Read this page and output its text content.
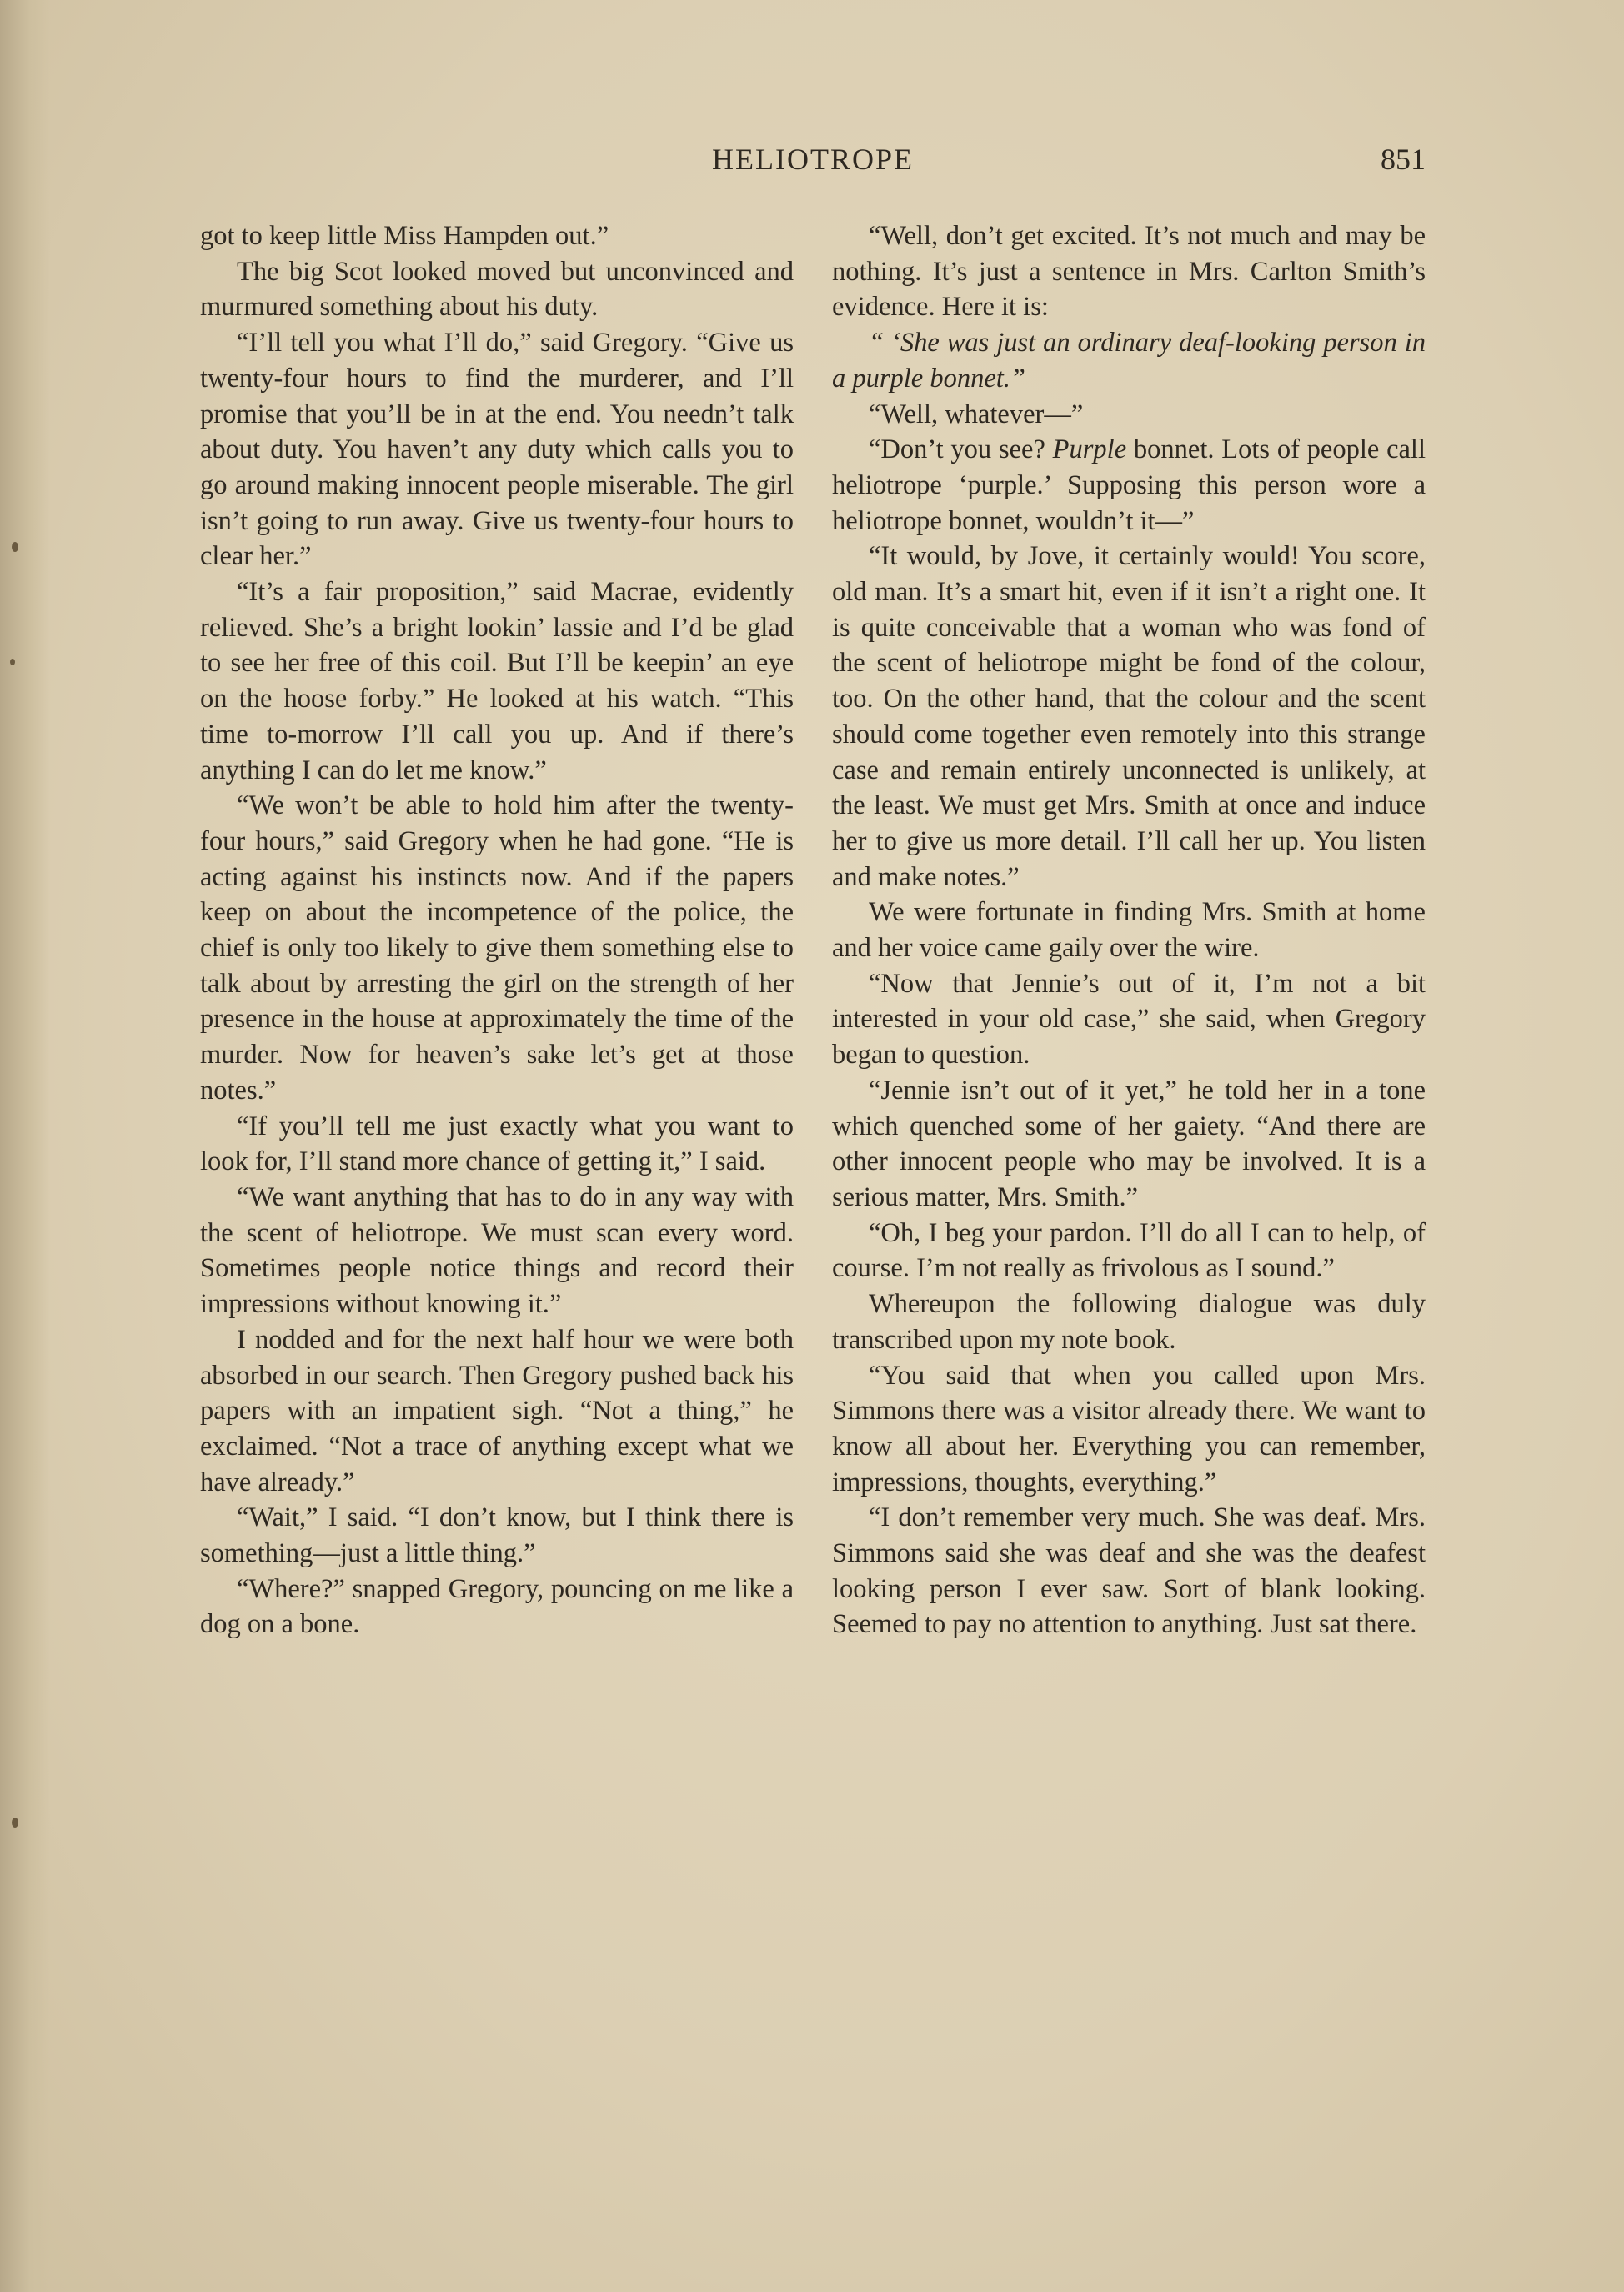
HELIOTROPE	851

got to keep little Miss Hampden out.”

The big Scot looked moved but unconvinced and murmured something about his duty.

“I’ll tell you what I’ll do,” said Gregory. “Give us twenty-four hours to find the murderer, and I’ll promise that you’ll be in at the end. You needn’t talk about duty. You haven’t any duty which calls you to go around making innocent people miserable. The girl isn’t going to run away. Give us twenty-four hours to clear her.”

“It’s a fair proposition,” said Macrae, evidently relieved. She’s a bright lookin’ lassie and I’d be glad to see her free of this coil. But I’ll be keepin’ an eye on the hoose forby.” He looked at his watch. “This time to-morrow I’ll call you up. And if there’s anything I can do let me know.”

“We won’t be able to hold him after the twenty-four hours,” said Gregory when he had gone. “He is acting against his instincts now. And if the papers keep on about the incompetence of the police, the chief is only too likely to give them something else to talk about by arresting the girl on the strength of her presence in the house at approximately the time of the murder. Now for heaven’s sake let’s get at those notes.”

“If you’ll tell me just exactly what you want to look for, I’ll stand more chance of getting it,” I said.

“We want anything that has to do in any way with the scent of heliotrope. We must scan every word. Sometimes people notice things and record their impressions without knowing it.”

I nodded and for the next half hour we were both absorbed in our search. Then Gregory pushed back his papers with an impatient sigh. “Not a thing,” he exclaimed. “Not a trace of anything except what we have already.”

“Wait,” I said. “I don’t know, but I think there is something—just a little thing.”

“Where?” snapped Gregory, pouncing on me like a dog on a bone.

“Well, don’t get excited. It’s not much and may be nothing. It’s just a sentence in Mrs. Carlton Smith’s evidence. Here it is:

“ ‘She was just an ordinary deaf-looking person in a purple bonnet.”

“Well, whatever—”

“Don’t you see? Purple bonnet. Lots of people call heliotrope ‘purple.’ Supposing this person wore a heliotrope bonnet, wouldn’t it—”

“It would, by Jove, it certainly would! You score, old man. It’s a smart hit, even if it isn’t a right one. It is quite conceivable that a woman who was fond of the scent of heliotrope might be fond of the colour, too. On the other hand, that the colour and the scent should come together even remotely into this strange case and remain entirely unconnected is unlikely, at the least. We must get Mrs. Smith at once and induce her to give us more detail. I’ll call her up. You listen and make notes.”

We were fortunate in finding Mrs. Smith at home and her voice came gaily over the wire.

“Now that Jennie’s out of it, I’m not a bit interested in your old case,” she said, when Gregory began to question.

“Jennie isn’t out of it yet,” he told her in a tone which quenched some of her gaiety. “And there are other innocent people who may be involved. It is a serious matter, Mrs. Smith.”

“Oh, I beg your pardon. I’ll do all I can to help, of course. I’m not really as frivolous as I sound.”

Whereupon the following dialogue was duly transcribed upon my note book.

“You said that when you called upon Mrs. Simmons there was a visitor already there. We want to know all about her. Everything you can remember, impressions, thoughts, everything.”

“I don’t remember very much. She was deaf. Mrs. Simmons said she was deaf and she was the deafest looking person I ever saw. Sort of blank looking. Seemed to pay no attention to anything. Just sat there.
